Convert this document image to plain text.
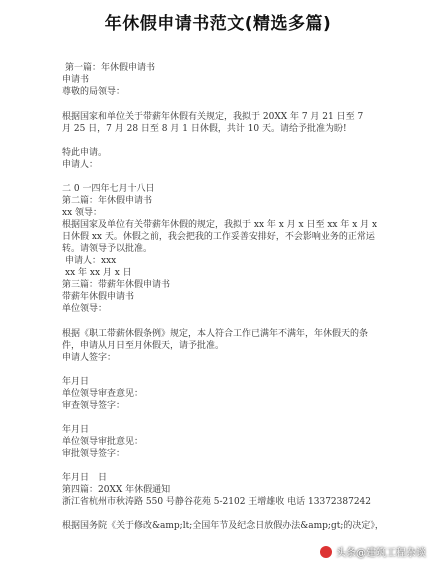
年休假申请书范文(精选多篇)
第一篇：年休假申请书
申请书
尊敬的局领导：
根据国家和单位关于带薪年休假有关规定，我拟于 20XX 年 7 月 21 日至 7
月 25 日，7 月 28 日至 8 月 1 日休假，共计 10 天。请给予批准为盼!
特此申请。
申请人：
二 0 一四年七月十八日
第二篇：年休假申请书
xx 领导：
根据国家及单位有关带薪年休假的规定，我拟于 xx 年 x 月 x 日至 xx 年 x 月 x
日休假 xx 天。休假之前，我会把我的工作妥善安排好，不会影响业务的正常运
转。请领导予以批准。
申请人：xxx
xx 年 xx 月 x 日
第三篇：带薪年休假申请书
带薪年休假申请书
单位领导：
根据《职工带薪休假条例》规定，本人符合工作已满年不满年，年休假天的条
件，申请从月日至月休假天，请予批准。
申请人签字：
年月日
单位领导审查意见：
审查领导签字：
年月日
单位领导审批意见：
审批领导签字：
年月日　日
第四篇：20XX 年休假通知
浙江省杭州市秋涛路 550 号静谷花苑 5-2102 王增雄收 电话 13372387242
根据国务院《关于修改&amp;lt;全国年节及纪念日放假办法&amp;gt;的决定》，
头条@建筑工程杂谈
